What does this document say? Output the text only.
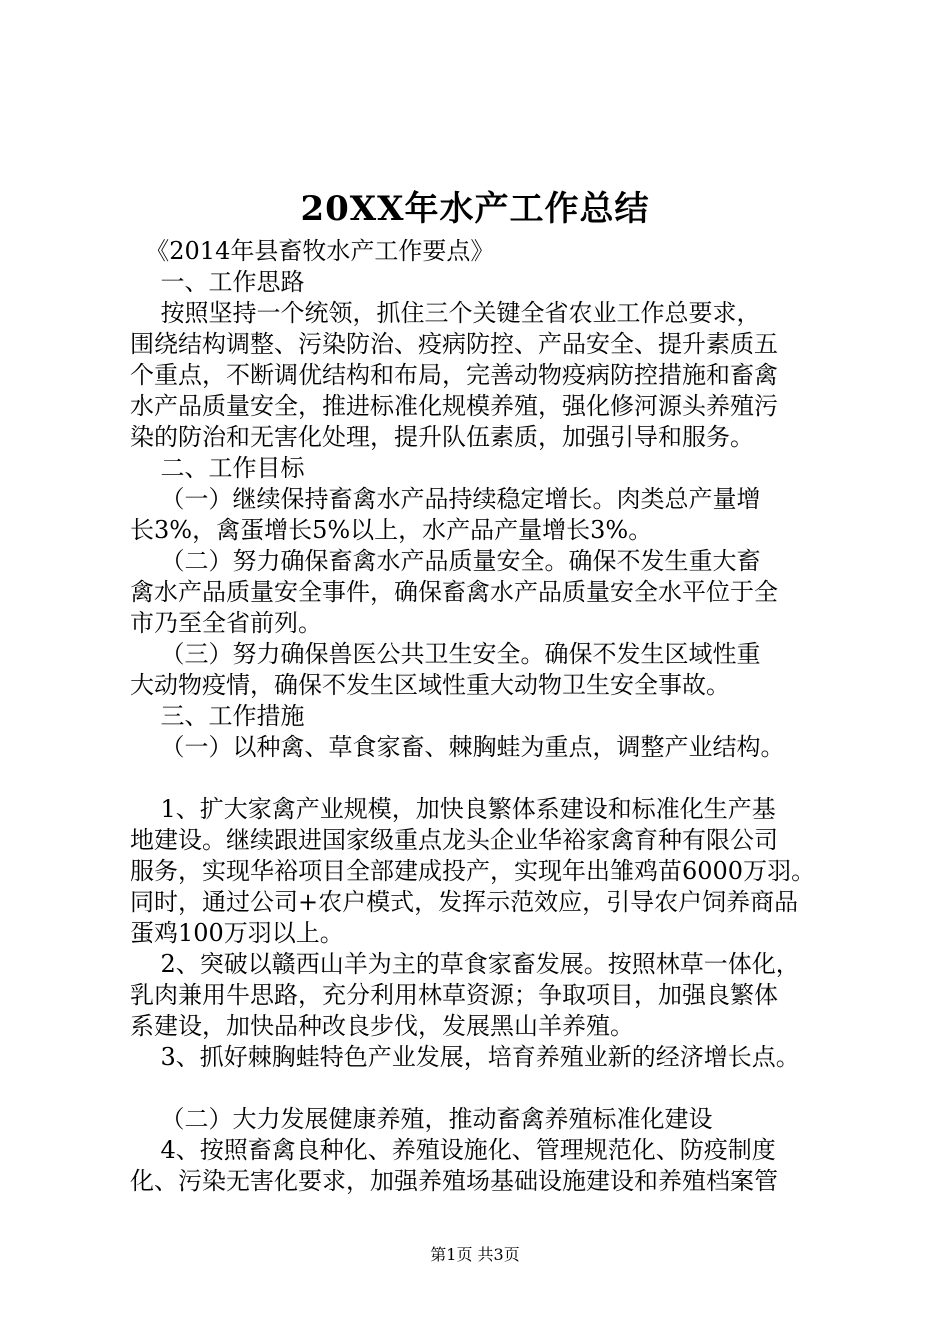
20XX年水产工作总结
《2014年县畜牧水产工作要点》
一、工作思路
按照坚持一个统领，抓住三个关键全省农业工作总要求，
围绕结构调整、污染防治、疫病防控、产品安全、提升素质五
个重点，不断调优结构和布局，完善动物疫病防控措施和畜禽
水产品质量安全，推进标准化规模养殖，强化修河源头养殖污
染的防治和无害化处理，提升队伍素质，加强引导和服务。
二、工作目标
（一）继续保持畜禽水产品持续稳定增长。肉类总产量增
长3%，禽蛋增长5%以上，水产品产量增长3%。
（二）努力确保畜禽水产品质量安全。确保不发生重大畜
禽水产品质量安全事件，确保畜禽水产品质量安全水平位于全
市乃至全省前列。
（三）努力确保兽医公共卫生安全。确保不发生区域性重
大动物疫情，确保不发生区域性重大动物卫生安全事故。
三、工作措施
（一）以种禽、草食家畜、棘胸蛙为重点，调整产业结构。
1、扩大家禽产业规模，加快良繁体系建设和标准化生产基
地建设。继续跟进国家级重点龙头企业华裕家禽育种有限公司
服务，实现华裕项目全部建成投产，实现年出雏鸡苗6000万羽。
同时，通过公司+农户模式，发挥示范效应，引导农户饲养商品
蛋鸡100万羽以上。
2、突破以赣西山羊为主的草食家畜发展。按照林草一体化，
乳肉兼用牛思路，充分利用林草资源；争取项目，加强良繁体
系建设，加快品种改良步伐，发展黑山羊养殖。
3、抓好棘胸蛙特色产业发展，培育养殖业新的经济增长点。
（二）大力发展健康养殖，推动畜禽养殖标准化建设
4、按照畜禽良种化、养殖设施化、管理规范化、防疫制度
化、污染无害化要求，加强养殖场基础设施建设和养殖档案管
第1页 共3页
